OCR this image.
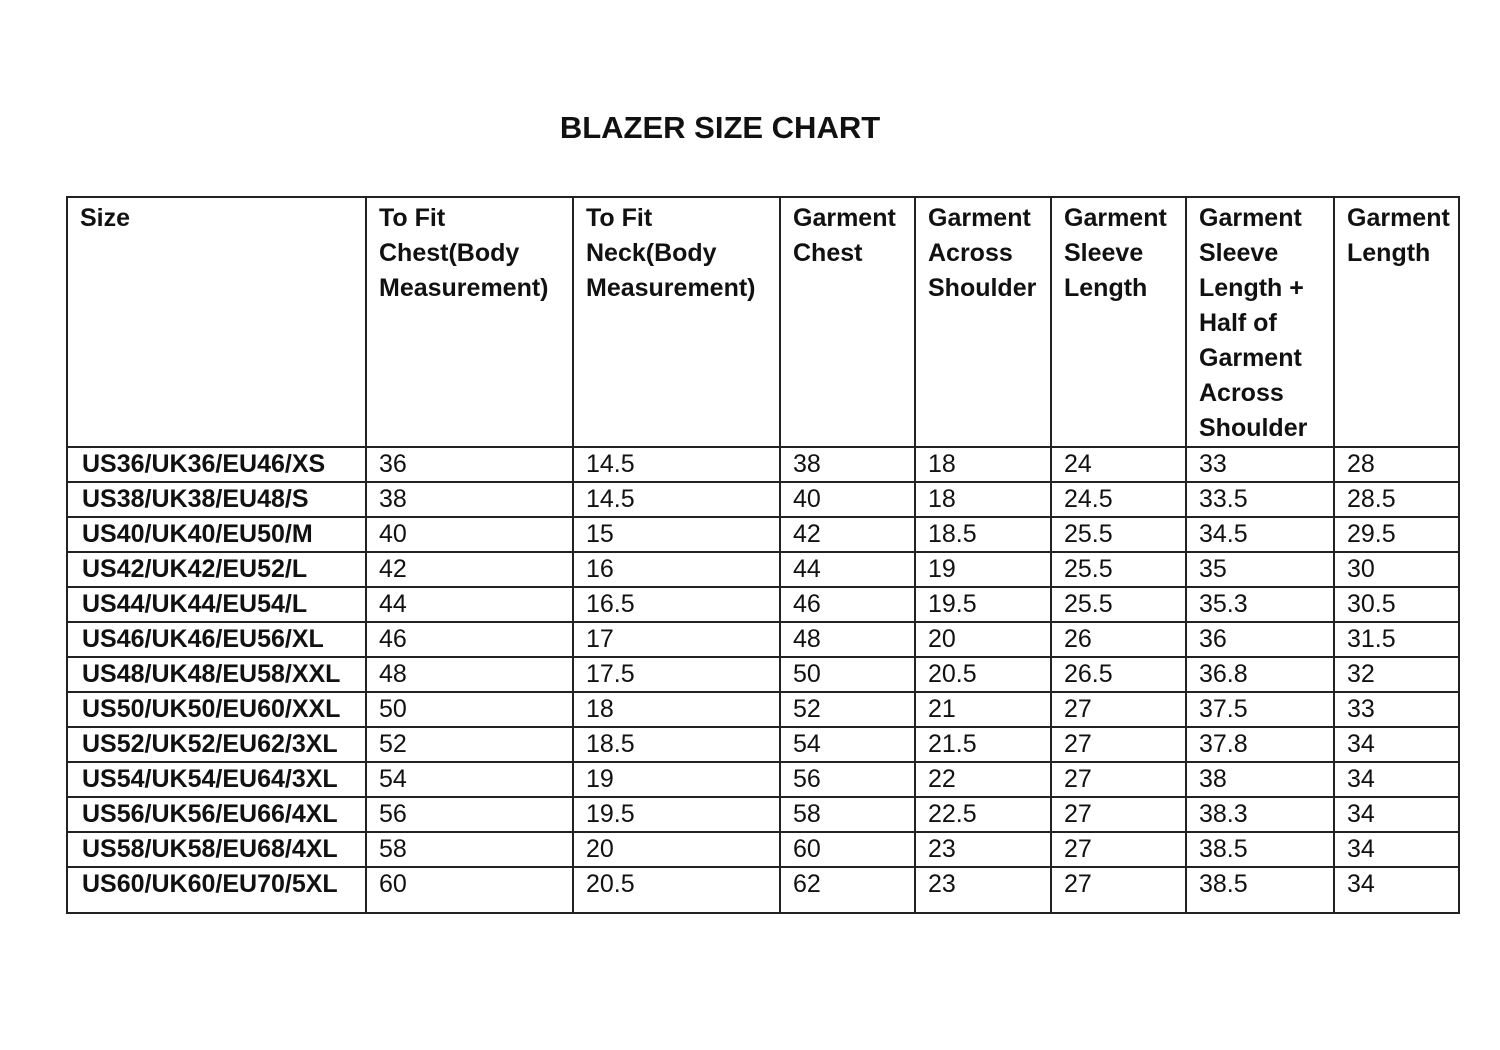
BLAZER SIZE CHART
Size	To Fit Chest(Body Measurement)	To Fit Neck(Body Measurement)	Garment Chest	Garment Across Shoulder	Garment Sleeve Length	Garment Sleeve Length + Half of Garment Across Shoulder	Garment Length
US36/UK36/EU46/XS	36	14.5	38	18	24	33	28
US38/UK38/EU48/S	38	14.5	40	18	24.5	33.5	28.5
US40/UK40/EU50/M	40	15	42	18.5	25.5	34.5	29.5
US42/UK42/EU52/L	42	16	44	19	25.5	35	30
US44/UK44/EU54/L	44	16.5	46	19.5	25.5	35.3	30.5
US46/UK46/EU56/XL	46	17	48	20	26	36	31.5
US48/UK48/EU58/XXL	48	17.5	50	20.5	26.5	36.8	32
US50/UK50/EU60/XXL	50	18	52	21	27	37.5	33
US52/UK52/EU62/3XL	52	18.5	54	21.5	27	37.8	34
US54/UK54/EU64/3XL	54	19	56	22	27	38	34
US56/UK56/EU66/4XL	56	19.5	58	22.5	27	38.3	34
US58/UK58/EU68/4XL	58	20	60	23	27	38.5	34
US60/UK60/EU70/5XL	60	20.5	62	23	27	38.5	34
